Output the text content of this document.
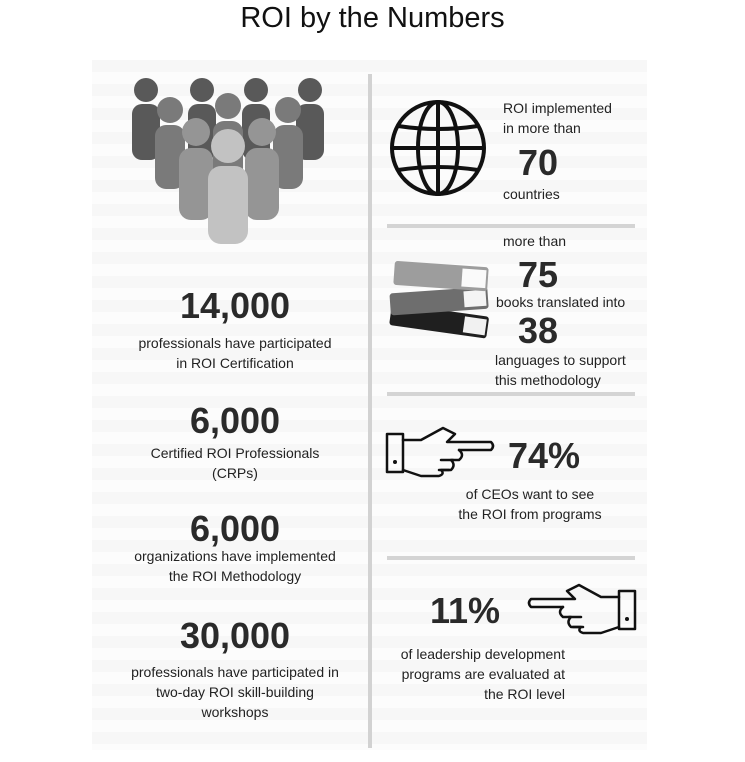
ROI by the Numbers
14,000
professionals have participated
in ROI Certification
6,000
Certified ROI Professionals
(CRPs)
6,000
organizations have implemented
the ROI Methodology
30,000
professionals have participated in
two-day ROI skill-building
workshops
ROI implemented
in more than
70
countries
more than
75
books translated into
38
languages to support
this methodology
74%
of CEOs want to see
the ROI from programs
11%
of leadership development
programs are evaluated at
the ROI level
